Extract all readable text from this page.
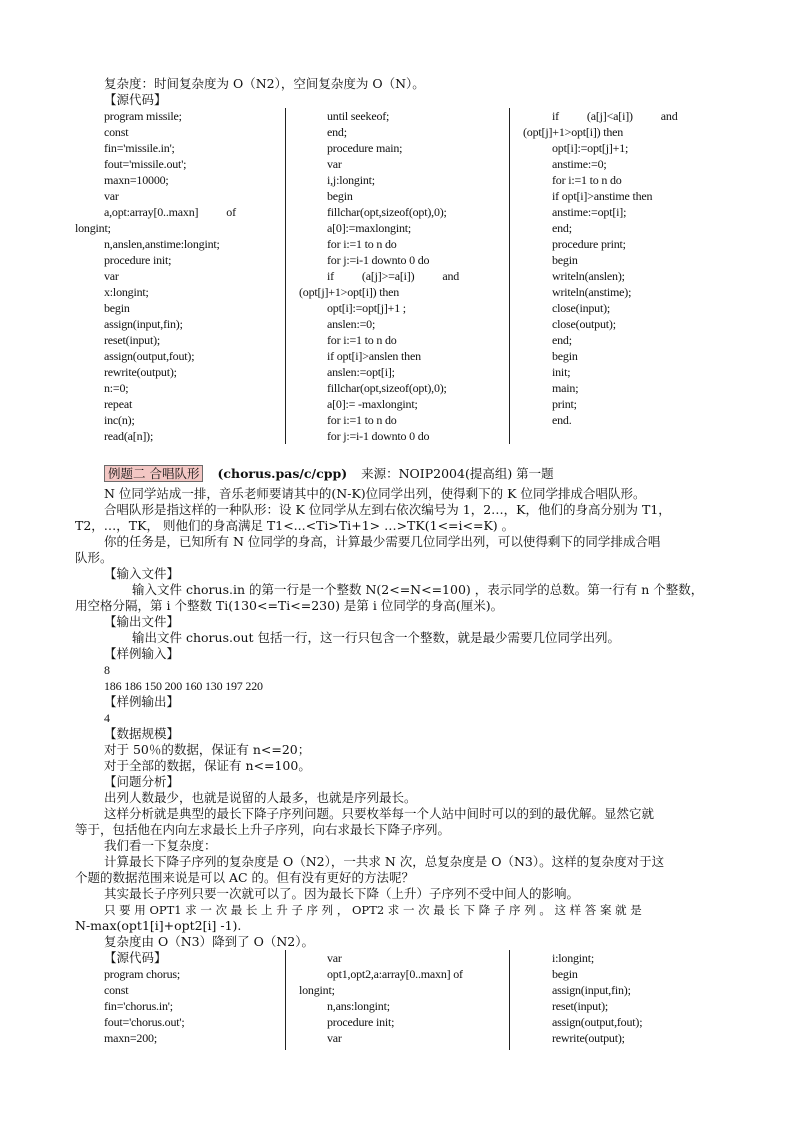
复杂度：时间复杂度为 O（N2），空间复杂度为 O（N）。
【源代码】
program missile;
const
fin='missile.in';
fout='missile.out';
maxn=10000;
var
a,opt:array[0..maxn]          of
longint;
n,anslen,anstime:longint;
procedure init;
var
x:longint;
begin
assign(input,fin);
reset(input);
assign(output,fout);
rewrite(output);
n:=0;
repeat
inc(n);
read(a[n]);
until seekeof;
end;
procedure main;
var
i,j:longint;
begin
fillchar(opt,sizeof(opt),0);
a[0]:=maxlongint;
for i:=1 to n do
for j:=i-1 downto 0 do
if          (a[j]>=a[i])          and
(opt[j]+1>opt[i]) then
opt[i]:=opt[j]+1 ;
anslen:=0;
for i:=1 to n do
if opt[i]>anslen then
anslen:=opt[i];
fillchar(opt,sizeof(opt),0);
a[0]:= -maxlongint;
for i:=1 to n do
for j:=i-1 downto 0 do
if          (a[j]<a[i])          and
(opt[j]+1>opt[i]) then
opt[i]:=opt[j]+1;
anstime:=0;
for i:=1 to n do
if opt[i]>anstime then
anstime:=opt[i];
end;
procedure print;
begin
writeln(anslen);
writeln(anstime);
close(input);
close(output);
end;
begin
init;
main;
print;
end.
例题二 合唱队形 (chorus.pas/c/cpp) 来源：NOIP2004(提高组) 第一题
N 位同学站成一排，音乐老师要请其中的(N-K)位同学出列，使得剩下的 K 位同学排成合唱队形。
合唱队形是指这样的一种队形：设 K 位同学从左到右依次编号为 1，2…，K，他们的身高分别为 T1，
T2，…，TK， 则他们的身高满足 T1<...<Ti>Ti+1> …>TK(1<=i<=K) 。
你的任务是，已知所有 N 位同学的身高，计算最少需要几位同学出列，可以使得剩下的同学排成合唱
队形。
【输入文件】
输入文件 chorus.in 的第一行是一个整数 N(2<=N<=100) ，表示同学的总数。第一行有 n 个整数，
用空格分隔，第 i 个整数 Ti(130<=Ti<=230) 是第 i 位同学的身高(厘米)。
【输出文件】
输出文件 chorus.out 包括一行，这一行只包含一个整数，就是最少需要几位同学出列。
【样例输入】
8
186 186 150 200 160 130 197 220
【样例输出】
4
【数据规模】
对于 50％的数据，保证有 n<=20；
对于全部的数据，保证有 n<=100。
【问题分析】
出列人数最少，也就是说留的人最多，也就是序列最长。
这样分析就是典型的最长下降子序列问题。只要枚举每一个人站中间时可以的到的最优解。显然它就
等于，包括他在内向左求最长上升子序列，向右求最长下降子序列。
我们看一下复杂度：
计算最长下降子序列的复杂度是 O（N2），一共求 N 次，总复杂度是 O（N3）。这样的复杂度对于这
个题的数据范围来说是可以 AC 的。但有没有更好的方法呢？
其实最长子序列只要一次就可以了。因为最长下降（上升）子序列不受中间人的影响。
只 要 用 OPT1 求 一 次 最 长 上 升 子 序 列 ， OPT2 求 一 次 最 长 下 降 子 序 列 。 这 样 答 案 就 是
N-max(opt1[i]+opt2[i] -1).
复杂度由 O（N3）降到了 O（N2）。
【源代码】
program chorus;
const
fin='chorus.in';
fout='chorus.out';
maxn=200;
var
opt1,opt2,a:array[0..maxn] of
longint;
n,ans:longint;
procedure init;
var
i:longint;
begin
assign(input,fin);
reset(input);
assign(output,fout);
rewrite(output);
